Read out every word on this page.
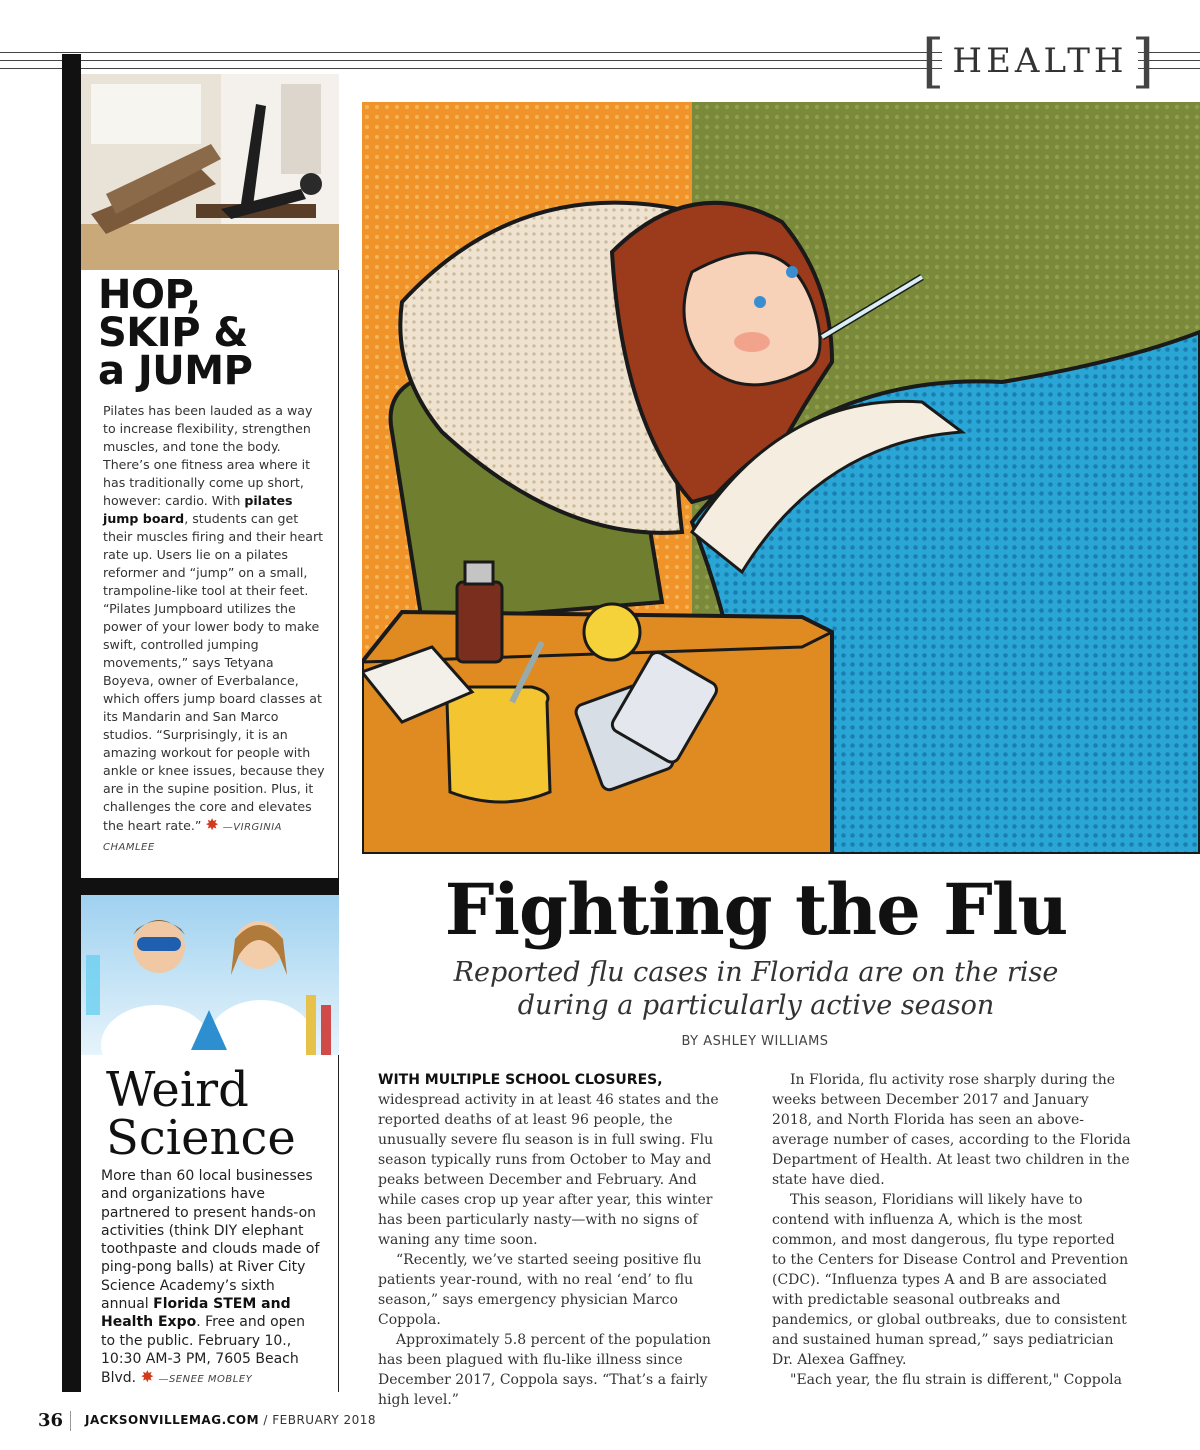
[ HEALTH ]
HOP,
SKIP &
a JUMP
Pilates has been lauded as a way to increase flexibility, strengthen muscles, and tone the body. There’s one fitness area where it has traditionally come up short, however: cardio. With pilates jump board, students can get their muscles firing and their heart rate up. Users lie on a pilates reformer and “jump” on a small, trampoline-like tool at their feet. “Pilates Jumpboard utilizes the power of your lower body to make swift, controlled jumping movements,” says Tetyana Boyeva, owner of Everbalance, which offers jump board classes at its Mandarin and San Marco studios. “Surprisingly, it is an amazing workout for people with ankle or knee issues, because they are in the supine position. Plus, it challenges the core and elevates the heart rate.” ✸ —VIRGINIA CHAMLEE
Weird
Science
More than 60 local businesses and organizations have partnered to present hands-on activities (think DIY elephant toothpaste and clouds made of ping-pong balls) at River City Science Academy’s sixth annual Florida STEM and Health Expo. Free and open to the public. February 10., 10:30 AM-3 PM, 7605 Beach Blvd. ✸ —SENEE MOBLEY
Fighting the Flu
Reported flu cases in Florida are on the rise
during a particularly active season
BY ASHLEY WILLIAMS

WITH MULTIPLE SCHOOL CLOSURES, widespread activity in at least 46 states and the reported deaths of at least 96 people, the unusually severe flu season is in full swing. Flu season typically runs from October to May and peaks between December and February. And while cases crop up year after year, this winter has been particularly nasty—with no signs of waning any time soon.

“Recently, we’ve started seeing positive flu patients year-round, with no real ‘end’ to flu season,” says emergency physician Marco Coppola.

Approximately 5.8 percent of the population has been plagued with flu-like illness since December 2017, Coppola says. “That’s a fairly high level.”

In Florida, flu activity rose sharply during the weeks between December 2017 and January 2018, and North Florida has seen an above-average number of cases, according to the Florida Department of Health. At least two children in the state have died.

This season, Floridians will likely have to contend with influenza A, which is the most common, and most dangerous, flu type reported to the Centers for Disease Control and Prevention (CDC). “Influenza types A and B are associated with predictable seasonal outbreaks and pandemics, or global outbreaks, due to consistent and sustained human spread,” says pediatrician Dr. Alexea Gaffney.

"Each year, the flu strain is different," Coppola

36 JACKSONVILLEMAG.COM / FEBRUARY 2018
